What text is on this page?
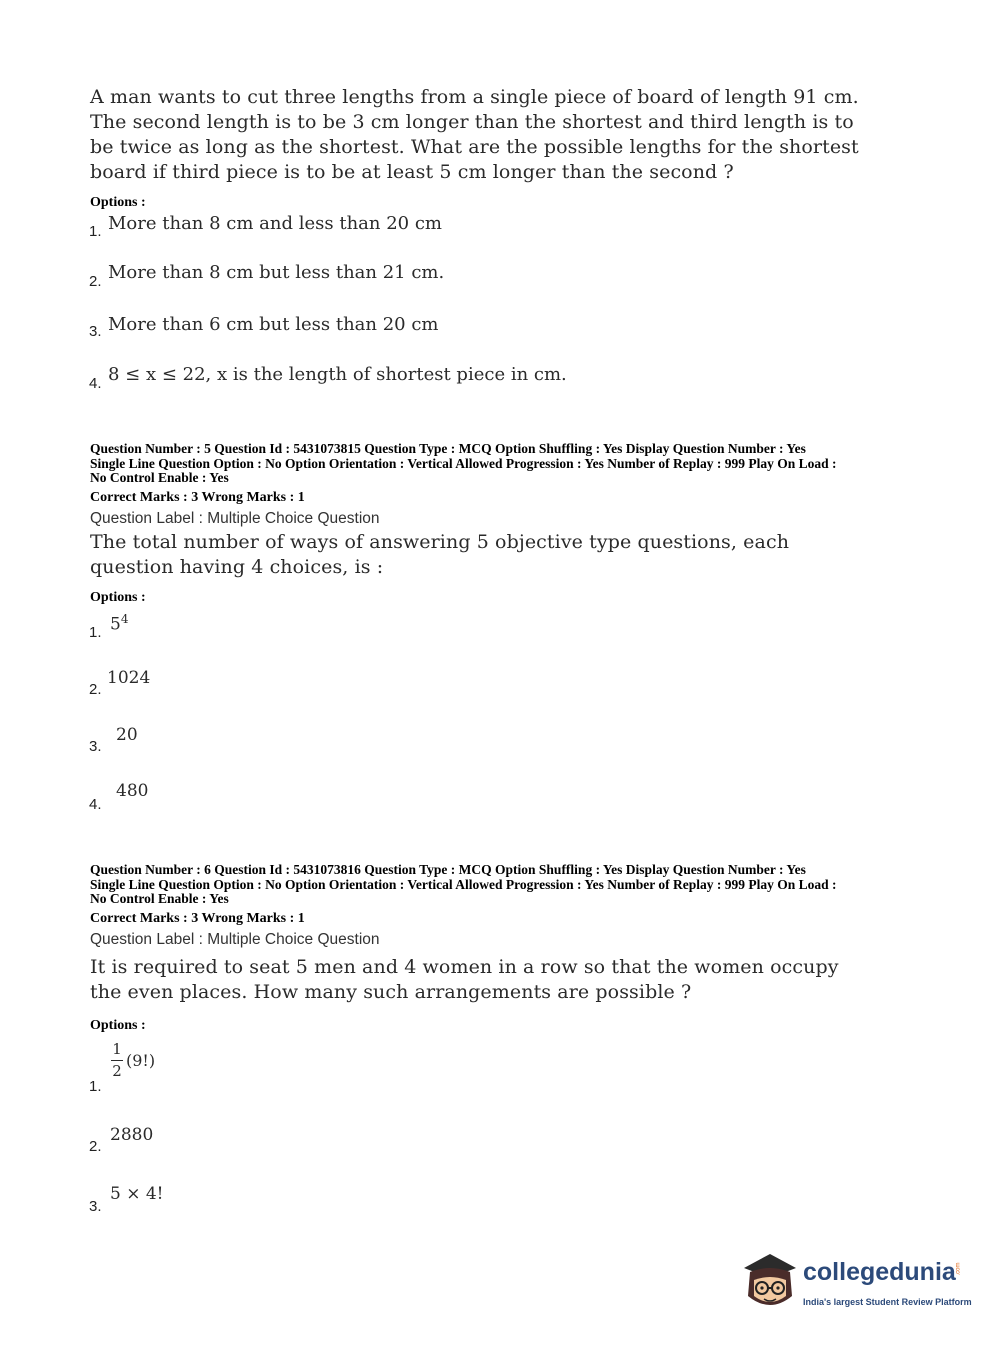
A man wants to cut three lengths from a single piece of board of length 91 cm.
The second length is to be 3 cm longer than the shortest and third length is to
be twice as long as the shortest. What are the possible lengths for the shortest
board if third piece is to be at least 5 cm longer than the second ?
Options :
1. More than 8 cm and less than 20 cm
2. More than 8 cm but less than 21 cm.
3. More than 6 cm but less than 20 cm
4. 8 ≤ x ≤ 22, x is the length of shortest piece in cm.
Question Number : 5 Question Id : 5431073815 Question Type : MCQ Option Shuffling : Yes Display Question Number : Yes
Single Line Question Option : No Option Orientation : Vertical Allowed Progression : Yes Number of Replay : 999 Play On Load :
No Control Enable : Yes
Correct Marks : 3 Wrong Marks : 1
Question Label : Multiple Choice Question
The total number of ways of answering 5 objective type questions, each
question having 4 choices, is :
Options :
1. $5^4$
2.
1024
3.
20
4.
480
Question Number : 6 Question Id : 5431073816 Question Type : MCQ Option Shuffling : Yes Display Question Number : Yes
Single Line Question Option : No Option Orientation : Vertical Allowed Progression : Yes Number of Replay : 999 Play On Load :
No Control Enable : Yes
Correct Marks : 3 Wrong Marks : 1
Question Label : Multiple Choice Question
It is required to seat 5 men and 4 women in a row so that the women occupy
the even places. How many such arrangements are possible ?
Options :
1.
1
2
(9!)
2.
2880
3.
5 × 4!
collegedunia .com
India's largest Student Review Platform
